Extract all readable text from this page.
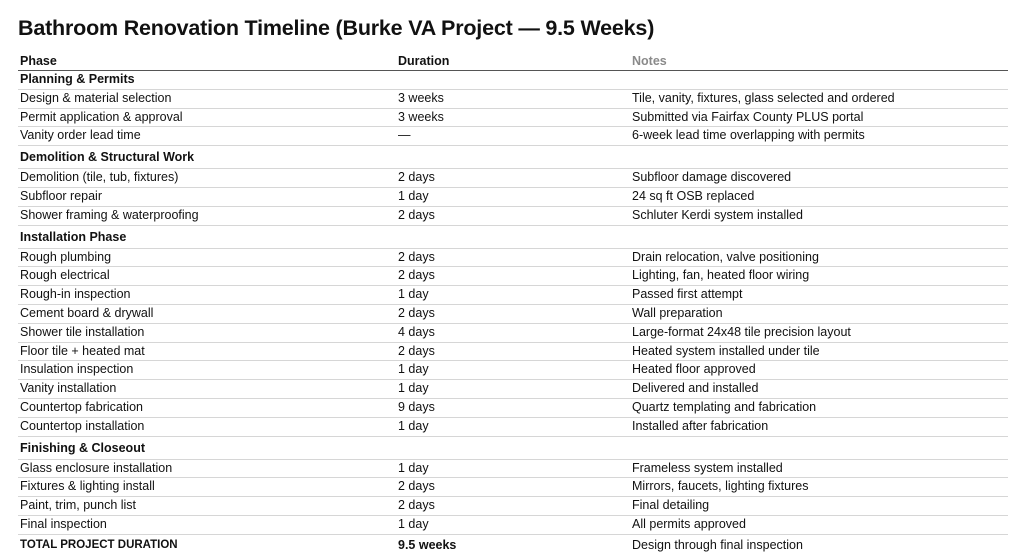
Bathroom Renovation Timeline (Burke VA Project — 9.5 Weeks)
Phase	Duration	Notes
Planning & Permits		
Design & material selection	3 weeks	Tile, vanity, fixtures, glass selected and ordered
Permit application & approval	3 weeks	Submitted via Fairfax County PLUS portal
Vanity order lead time	—	6-week lead time overlapping with permits
Demolition & Structural Work		
Demolition (tile, tub, fixtures)	2 days	Subfloor damage discovered
Subfloor repair	1 day	24 sq ft OSB replaced
Shower framing & waterproofing	2 days	Schluter Kerdi system installed
Installation Phase		
Rough plumbing	2 days	Drain relocation, valve positioning
Rough electrical	2 days	Lighting, fan, heated floor wiring
Rough-in inspection	1 day	Passed first attempt
Cement board & drywall	2 days	Wall preparation
Shower tile installation	4 days	Large-format 24x48 tile precision layout
Floor tile + heated mat	2 days	Heated system installed under tile
Insulation inspection	1 day	Heated floor approved
Vanity installation	1 day	Delivered and installed
Countertop fabrication	9 days	Quartz templating and fabrication
Countertop installation	1 day	Installed after fabrication
Finishing & Closeout		
Glass enclosure installation	1 day	Frameless system installed
Fixtures & lighting install	2 days	Mirrors, faucets, lighting fixtures
Paint, trim, punch list	2 days	Final detailing
Final inspection	1 day	All permits approved
TOTAL PROJECT DURATION	9.5 weeks	Design through final inspection
